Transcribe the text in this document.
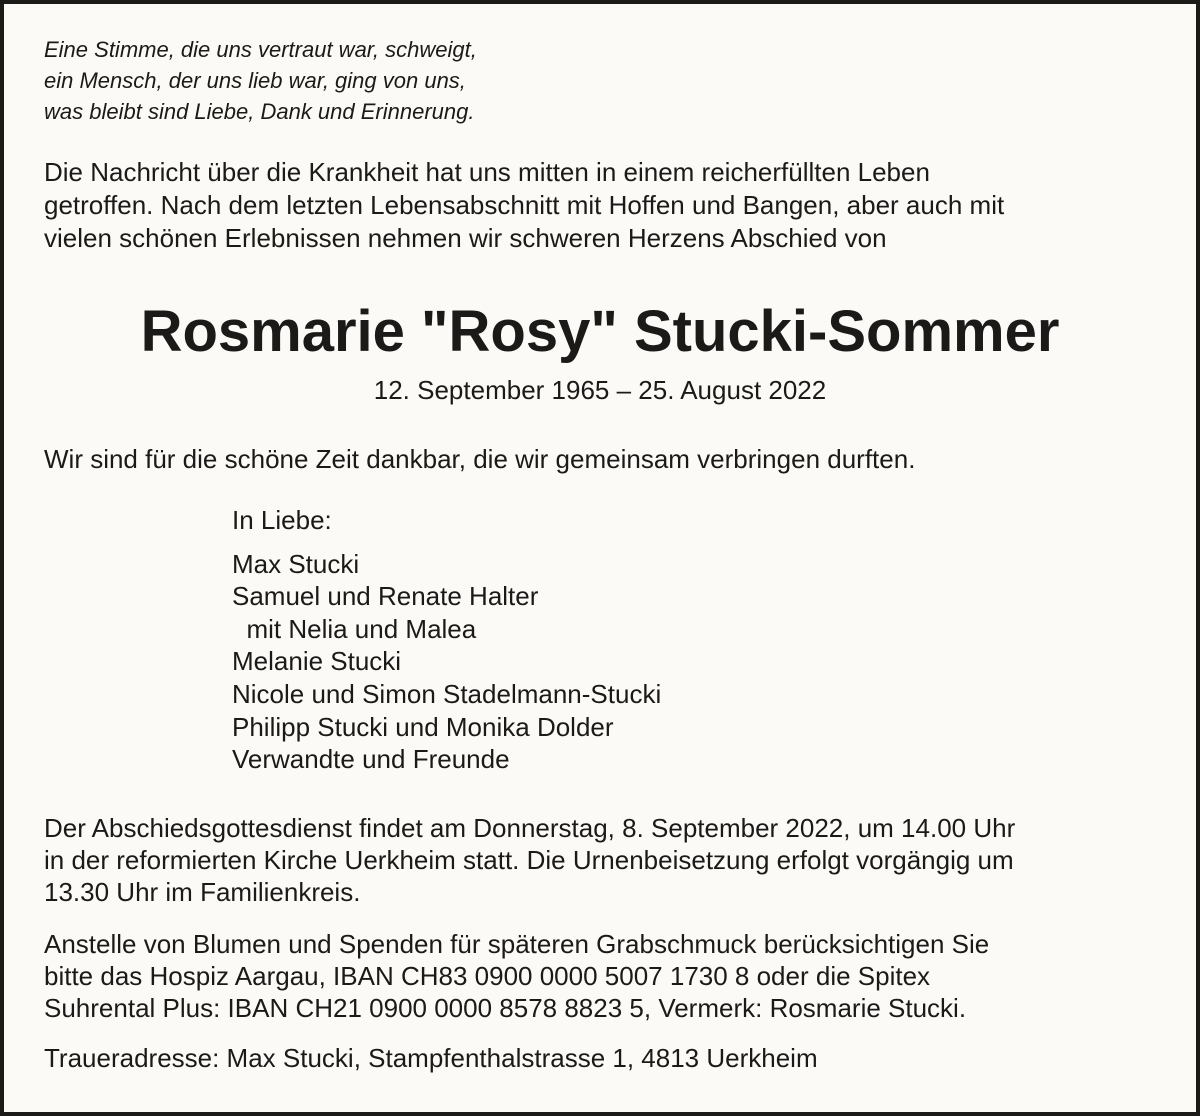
Eine Stimme, die uns vertraut war, schweigt,
ein Mensch, der uns lieb war, ging von uns,
was bleibt sind Liebe, Dank und Erinnerung.
Die Nachricht über die Krankheit hat uns mitten in einem reicherfüllten Leben
getroffen. Nach dem letzten Lebensabschnitt mit Hoffen und Bangen, aber auch mit
vielen schönen Erlebnissen nehmen wir schweren Herzens Abschied von
Rosmarie "Rosy" Stucki-Sommer
12. September 1965 – 25. August 2022
Wir sind für die schöne Zeit dankbar, die wir gemeinsam verbringen durften.
In Liebe:
Max Stucki
Samuel und Renate Halter
mit Nelia und Malea
Melanie Stucki
Nicole und Simon Stadelmann-Stucki
Philipp Stucki und Monika Dolder
Verwandte und Freunde
Der Abschiedsgottesdienst findet am Donnerstag, 8. September 2022, um 14.00 Uhr
in der reformierten Kirche Uerkheim statt. Die Urnenbeisetzung erfolgt vorgängig um
13.30 Uhr im Familienkreis.
Anstelle von Blumen und Spenden für späteren Grabschmuck berücksichtigen Sie
bitte das Hospiz Aargau, IBAN CH83 0900 0000 5007 1730 8 oder die Spitex
Suhrental Plus: IBAN CH21 0900 0000 8578 8823 5, Vermerk: Rosmarie Stucki.
Traueradresse: Max Stucki, Stampfenthalstrasse 1, 4813 Uerkheim
